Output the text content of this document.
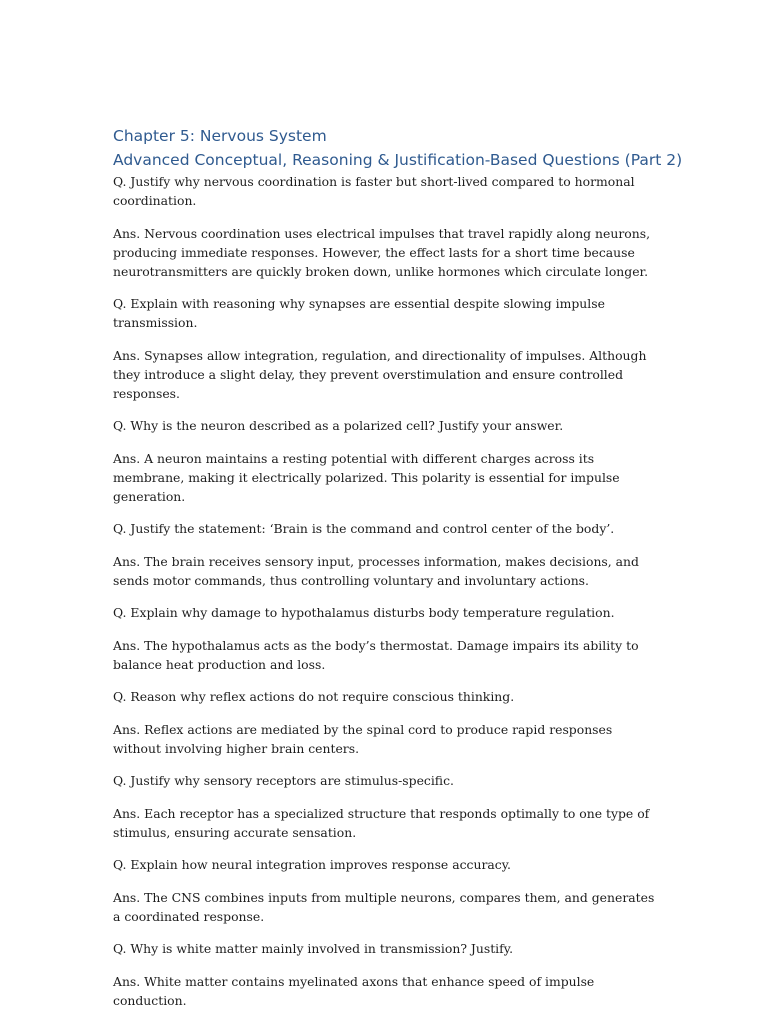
Chapter 5: Nervous System
Advanced Conceptual, Reasoning & Justification-Based Questions (Part 2)

Q. Justify why nervous coordination is faster but short-lived compared to hormonal coordination.

Ans. Nervous coordination uses electrical impulses that travel rapidly along neurons, producing immediate responses. However, the effect lasts for a short time because neurotransmitters are quickly broken down, unlike hormones which circulate longer.

Q. Explain with reasoning why synapses are essential despite slowing impulse transmission.

Ans. Synapses allow integration, regulation, and directionality of impulses. Although they introduce a slight delay, they prevent overstimulation and ensure controlled responses.

Q. Why is the neuron described as a polarized cell? Justify your answer.

Ans. A neuron maintains a resting potential with different charges across its membrane, making it electrically polarized. This polarity is essential for impulse generation.

Q. Justify the statement: ‘Brain is the command and control center of the body’.

Ans. The brain receives sensory input, processes information, makes decisions, and sends motor commands, thus controlling voluntary and involuntary actions.

Q. Explain why damage to hypothalamus disturbs body temperature regulation.

Ans. The hypothalamus acts as the body’s thermostat. Damage impairs its ability to balance heat production and loss.

Q. Reason why reflex actions do not require conscious thinking.

Ans. Reflex actions are mediated by the spinal cord to produce rapid responses without involving higher brain centers.

Q. Justify why sensory receptors are stimulus-specific.

Ans. Each receptor has a specialized structure that responds optimally to one type of stimulus, ensuring accurate sensation.

Q. Explain how neural integration improves response accuracy.

Ans. The CNS combines inputs from multiple neurons, compares them, and generates a coordinated response.

Q. Why is white matter mainly involved in transmission? Justify.

Ans. White matter contains myelinated axons that enhance speed of impulse conduction.
